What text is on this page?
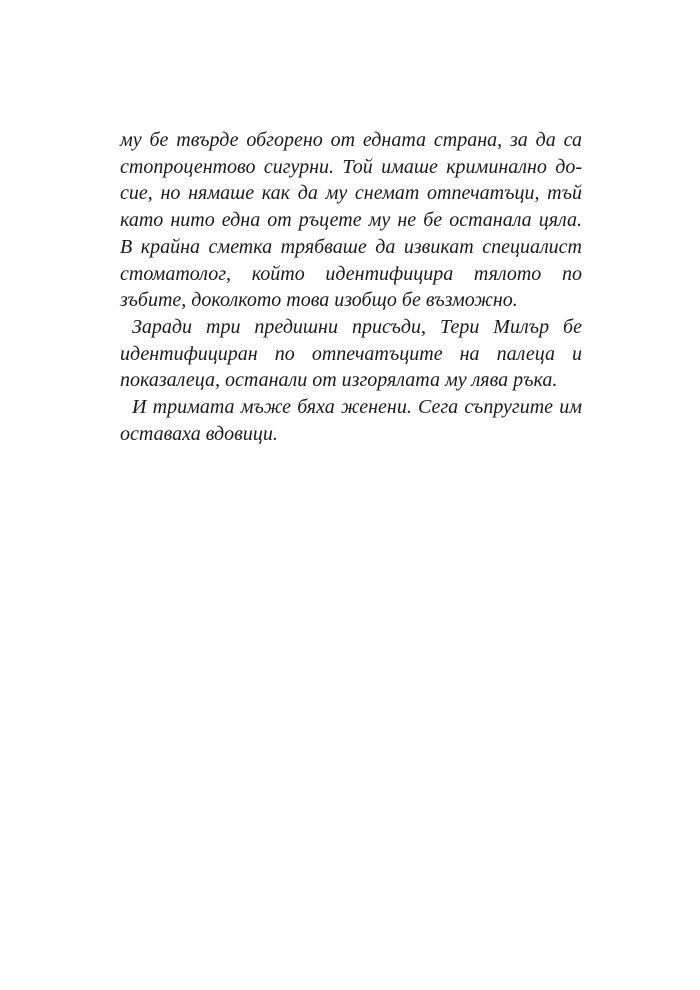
му бе твърде обгорено от едната страна, за да са
стопроцентово сигурни. Той имаше криминално до-
сие, но нямаше как да му снемат отпечатъци, тъй
като нито една от ръцете му не бе останала цяла.
В крайна сметка трябваше да извикат специалист
стоматолог, който идентифицира тялото по
зъбите, доколкото това изобщо бе възможно.
Заради три предишни присъди, Тери Милър бе
идентифициран по отпечатъците на палеца и
показалеца, останали от изгорялата му лява ръка.
И тримата мъже бяха женени. Сега съпругите им
оставаха вдовици.
